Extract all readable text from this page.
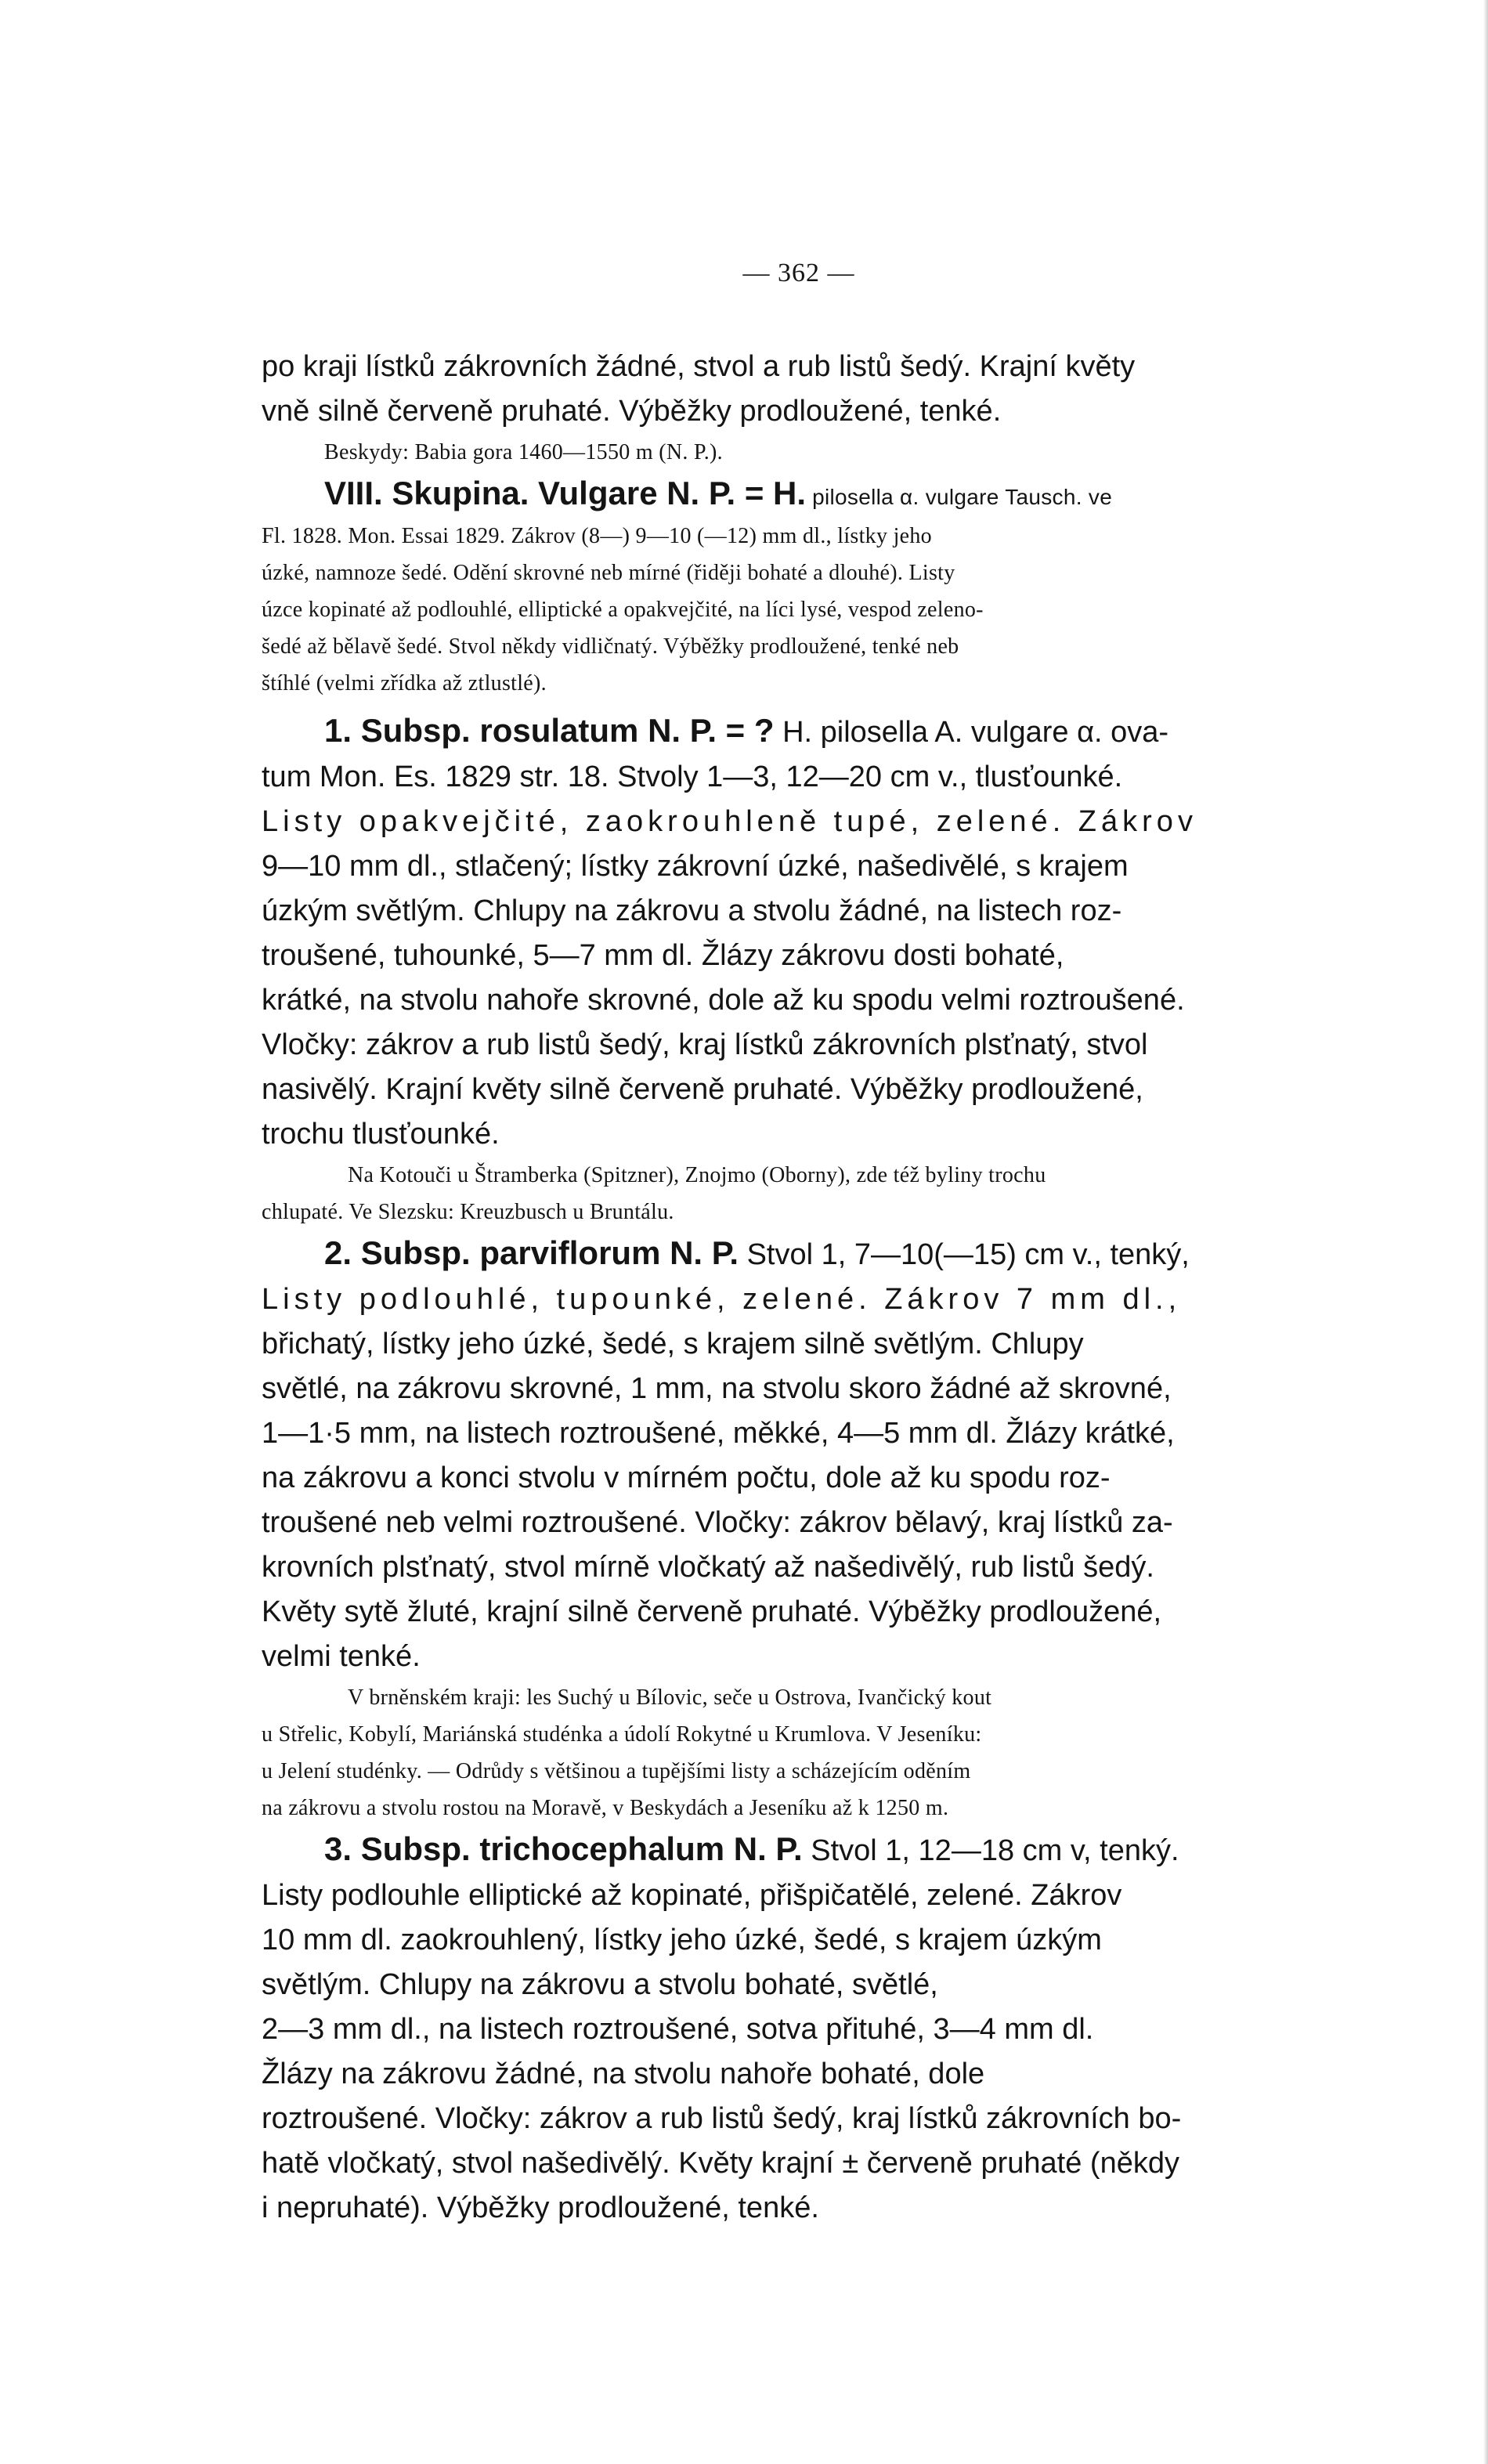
— 362 —

po kraji lístků zákrovních žádné, stvol a rub listů šedý. Krajní květy

vně silně červeně pruhaté. Výběžky prodloužené, tenké.

Beskydy: Babia gora 1460—1550 m (N. P.).

VIII. Skupina. Vulgare N. P. = H. pilosella α. vulgare Tausch. ve

Fl. 1828. Mon. Essai 1829. Zákrov (8—) 9—10 (—12) mm dl., lístky jeho

úzké, namnoze šedé. Odění skrovné neb mírné (řiději bohaté a dlouhé). Listy

úzce kopinaté až podlouhlé, elliptické a opakvejčité, na líci lysé, vespod zeleno-

šedé až bělavě šedé. Stvol někdy vidličnatý. Výběžky prodloužené, tenké neb

štíhlé (velmi zřídka až ztlustlé).

1. Subsp. rosulatum N. P. = ? H. pilosella A. vulgare α. ova-

tum Mon. Es. 1829 str. 18. Stvoly 1—3, 12—20 cm v., tlusťounké.

Listy opakvejčité, zaokrouhleně tupé, zelené. Zákrov

9—10 mm dl., stlačený; lístky zákrovní úzké, našedivělé, s krajem

úzkým světlým. Chlupy na zákrovu a stvolu žádné, na listech roz-

troušené, tuhounké, 5—7 mm dl. Žlázy zákrovu dosti bohaté,

krátké, na stvolu nahoře skrovné, dole až ku spodu velmi roztroušené.

Vločky: zákrov a rub listů šedý, kraj lístků zákrovních plsťnatý, stvol

nasivělý. Krajní květy silně červeně pruhaté. Výběžky prodloužené,

trochu tlusťounké.

Na Kotouči u Štramberka (Spitzner), Znojmo (Oborny), zde též byliny trochu

chlupaté. Ve Slezsku: Kreuzbusch u Bruntálu.

2. Subsp. parviflorum N. P. Stvol 1, 7—10(—15) cm v., tenký,

Listy podlouhlé, tupounké, zelené. Zákrov 7 mm dl.,

břichatý, lístky jeho úzké, šedé, s krajem silně světlým. Chlupy

světlé, na zákrovu skrovné, 1 mm, na stvolu skoro žádné až skrovné,

1—1·5 mm, na listech roztroušené, měkké, 4—5 mm dl. Žlázy krátké,

na zákrovu a konci stvolu v mírném počtu, dole až ku spodu roz-

troušené neb velmi roztroušené. Vločky: zákrov bělavý, kraj lístků za-

krovních plsťnatý, stvol mírně vločkatý až našedivělý, rub listů šedý.

Květy sytě žluté, krajní silně červeně pruhaté. Výběžky prodloužené,

velmi tenké.

V brněnském kraji: les Suchý u Bílovic, seče u Ostrova, Ivančický kout

u Střelic, Kobylí, Mariánská studénka a údolí Rokytné u Krumlova. V Jeseníku:

u Jelení studénky. — Odrůdy s většinou a tupějšími listy a scházejícím oděním

na zákrovu a stvolu rostou na Moravě, v Beskydách a Jeseníku až k 1250 m.

3. Subsp. trichocephalum N. P. Stvol 1, 12—18 cm v, tenký.

Listy podlouhle elliptické až kopinaté, přišpičatělé, zelené. Zákrov

10 mm dl. zaokrouhlený, lístky jeho úzké, šedé, s krajem úzkým

světlým. Chlupy na zákrovu a stvolu bohaté, světlé,

2—3 mm dl., na listech roztroušené, sotva přituhé, 3—4 mm dl.

Žlázy na zákrovu žádné, na stvolu nahoře bohaté, dole

roztroušené. Vločky: zákrov a rub listů šedý, kraj lístků zákrovních bo-

hatě vločkatý, stvol našedivělý. Květy krajní ± červeně pruhaté (někdy

i nepruhaté). Výběžky prodloužené, tenké.
